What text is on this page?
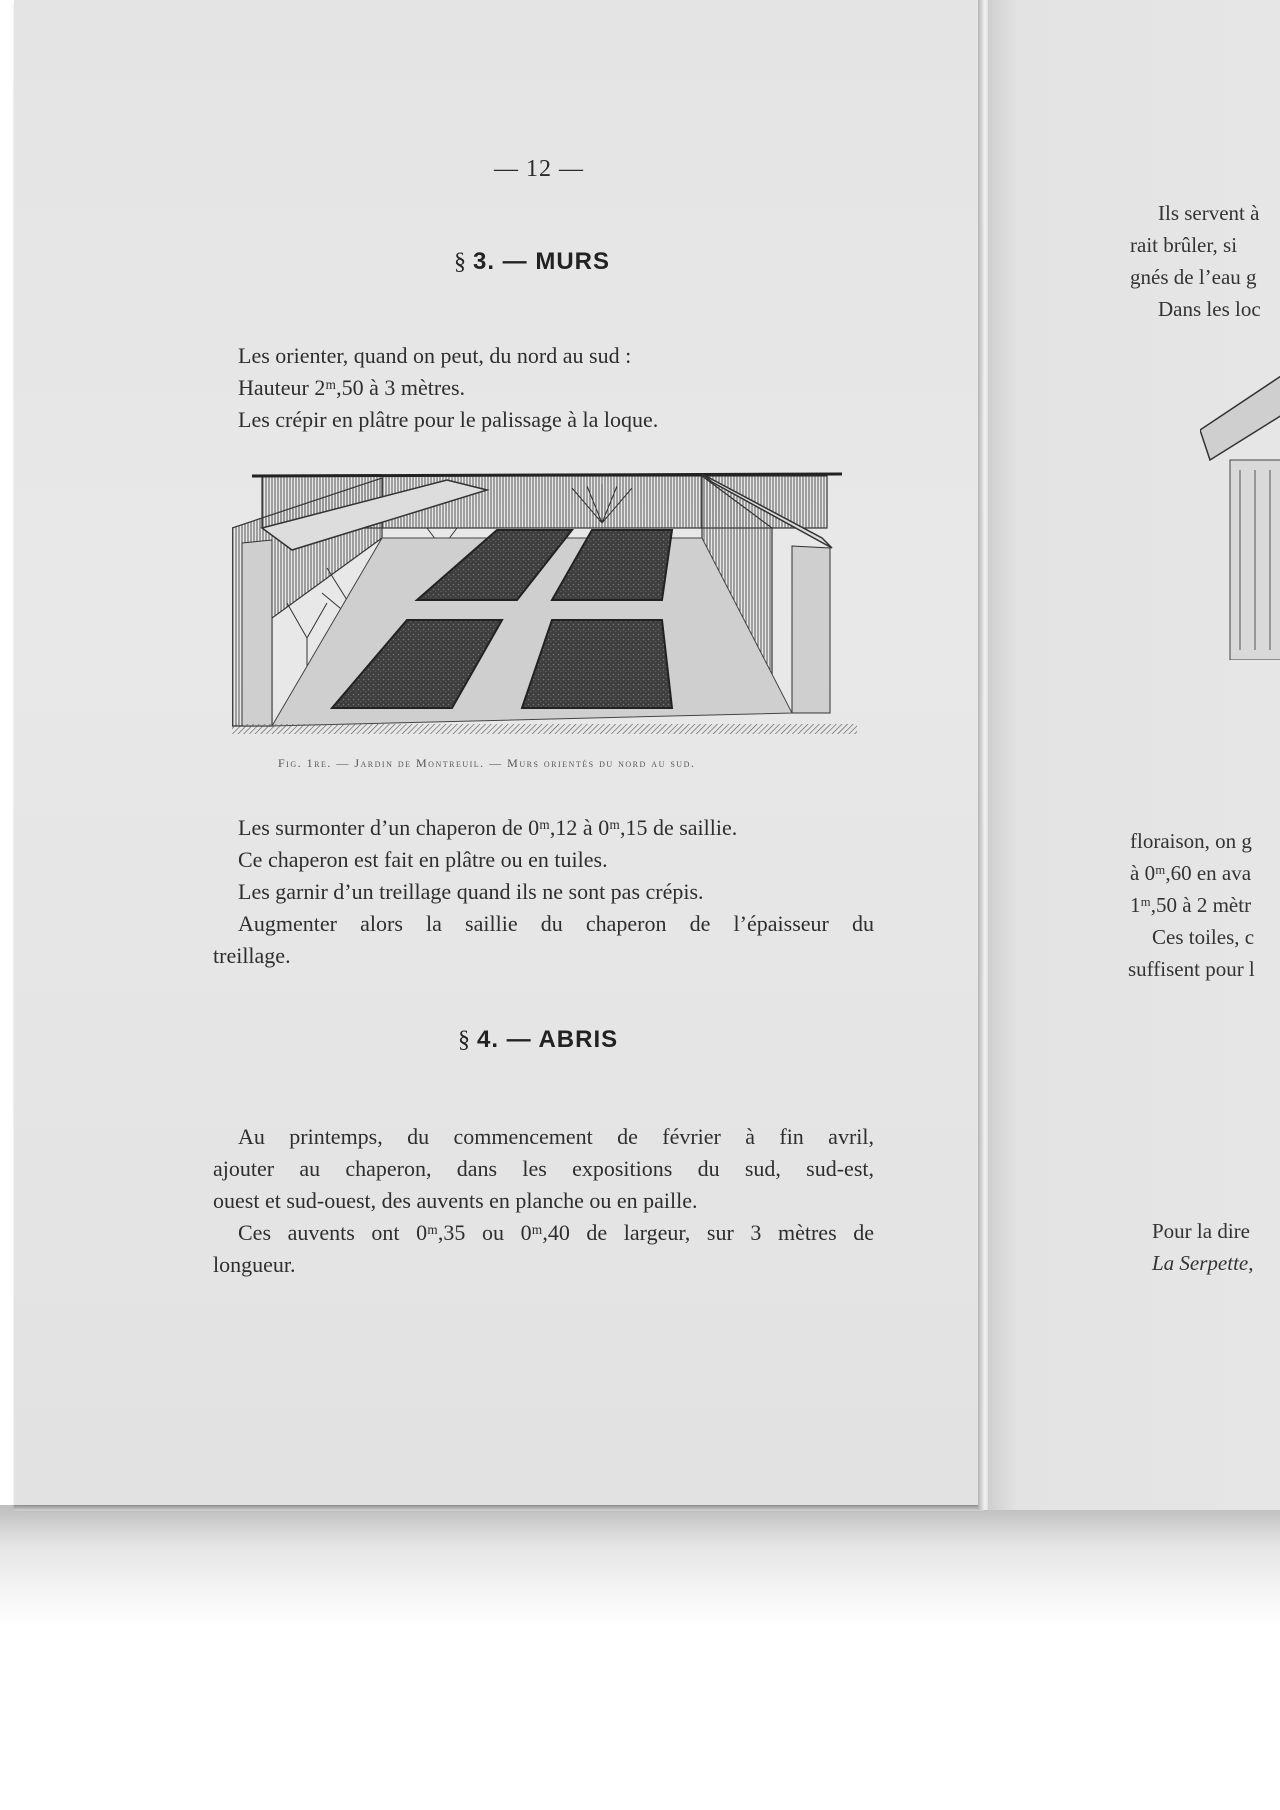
— 12 —
§ 3. — MURS
Les orienter, quand on peut, du nord au sud :
Hauteur 2ᵐ,50 à 3 mètres.
Les crépir en plâtre pour le palissage à la loque.
Fig. 1re. — Jardin de Montreuil. — Murs orientés du nord au sud.
Les surmonter d’un chaperon de 0ᵐ,12 à 0ᵐ,15 de saillie.
Ce chaperon est fait en plâtre ou en tuiles.
Les garnir d’un treillage quand ils ne sont pas crépis.
Augmenter alors la saillie du chaperon de l’épaisseur du
treillage.
§ 4. — ABRIS
Au printemps, du commencement de février à fin avril,
ajouter au chaperon, dans les expositions du sud, sud-est,
ouest et sud-ouest, des auvents en planche ou en paille.
Ces auvents ont 0ᵐ,35 ou 0ᵐ,40 de largeur, sur 3 mètres de
longueur.
Ils servent à
rait brûler, si
gnés de l’eau g
Dans les loc
floraison, on g
à 0ᵐ,60 en ava
1ᵐ,50 à 2 mètr
Ces toiles, c
suffisent pour l
Pour la dire
La Serpette,
